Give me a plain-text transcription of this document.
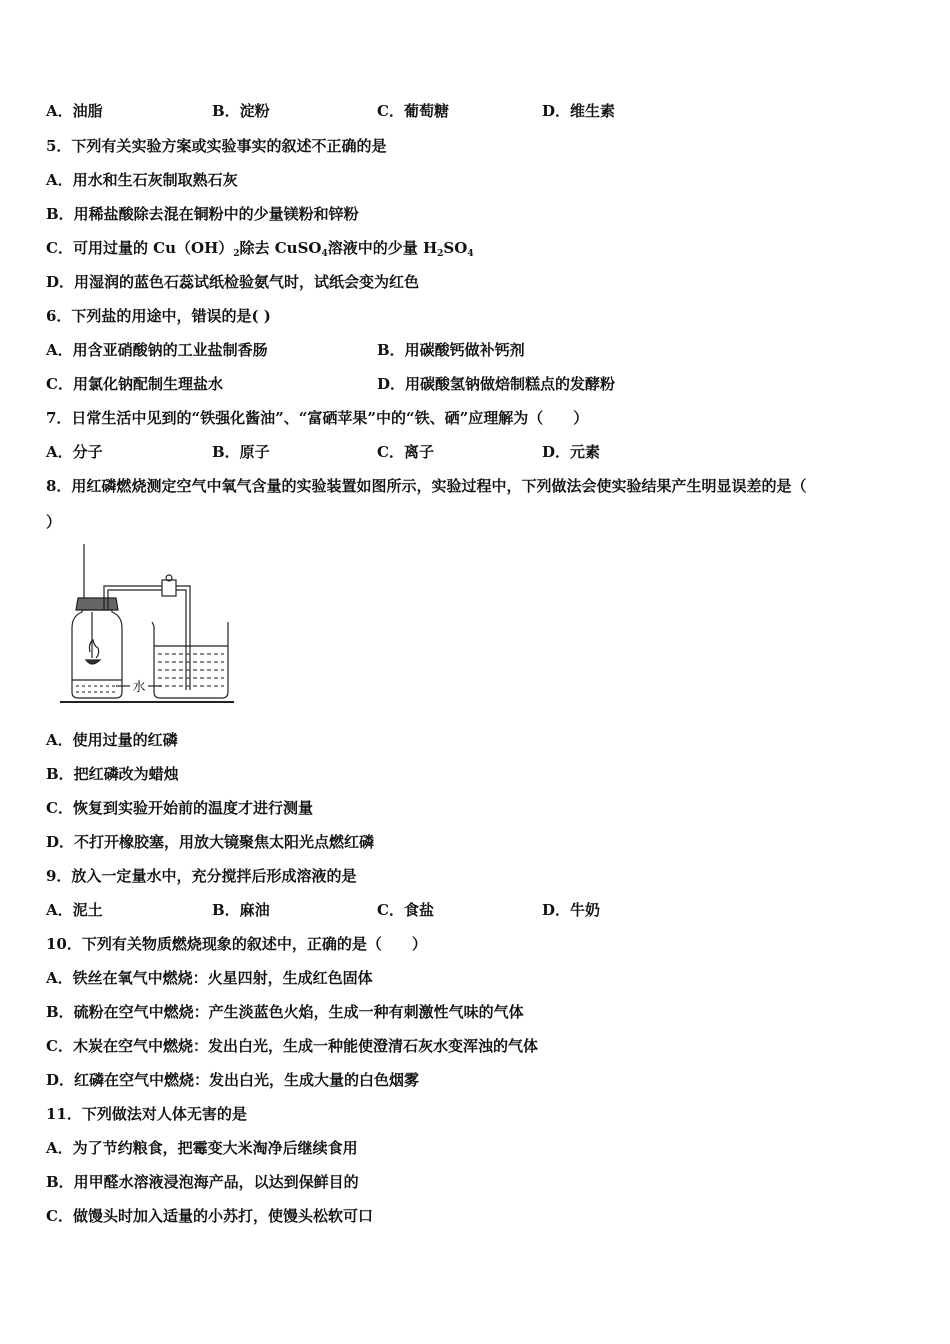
A．油脂	B．淀粉	C．葡萄糖	D．维生素
5．下列有关实验方案或实验事实的叙述不正确的是
A．用水和生石灰制取熟石灰
B．用稀盐酸除去混在铜粉中的少量镁粉和锌粉
C．可用过量的 $Cu(OH)_2$除去 CuSO$_4$溶液中的少量 $H_2SO_4$
D．用湿润的蓝色石蕊试纸检验氨气时，试纸会变为红色
6．下列盐的用途中，错误的是( )
A．用含亚硝酸钠的工业盐制香肠	B．用碳酸钙做补钙剂
C．用氯化钠配制生理盐水	D．用碳酸氢钠做焙制糕点的发酵粉
7．日常生活中见到的“铁强化酱油”、“富硒苹果”中的“铁、硒”应理解为（　　）
A．分子	B．原子	C．离子	D．元素
8．用红磷燃烧测定空气中氧气含量的实验装置如图所示，实验过程中，下列做法会使实验结果产生明显误差的是（
）
水
A．使用过量的红磷
B．把红磷改为蜡烛
C．恢复到实验开始前的温度才进行测量
D．不打开橡胶塞，用放大镜聚焦太阳光点燃红磷
9．放入一定量水中，充分搅拌后形成溶液的是
A．泥土	B．麻油	C．食盐	D．牛奶
10．下列有关物质燃烧现象的叙述中，正确的是（　　）
A．铁丝在氧气中燃烧：火星四射，生成红色固体
B．硫粉在空气中燃烧：产生淡蓝色火焰，生成一种有刺激性气味的气体
C．木炭在空气中燃烧：发出白光，生成一种能使澄清石灰水变浑浊的气体
D．红磷在空气中燃烧：发出白光，生成大量的白色烟雾
11．下列做法对人体无害的是
A．为了节约粮食，把霉变大米淘净后继续食用
B．用甲醛水溶液浸泡海产品，以达到保鲜目的
C．做馒头时加入适量的小苏打，使馒头松软可口
